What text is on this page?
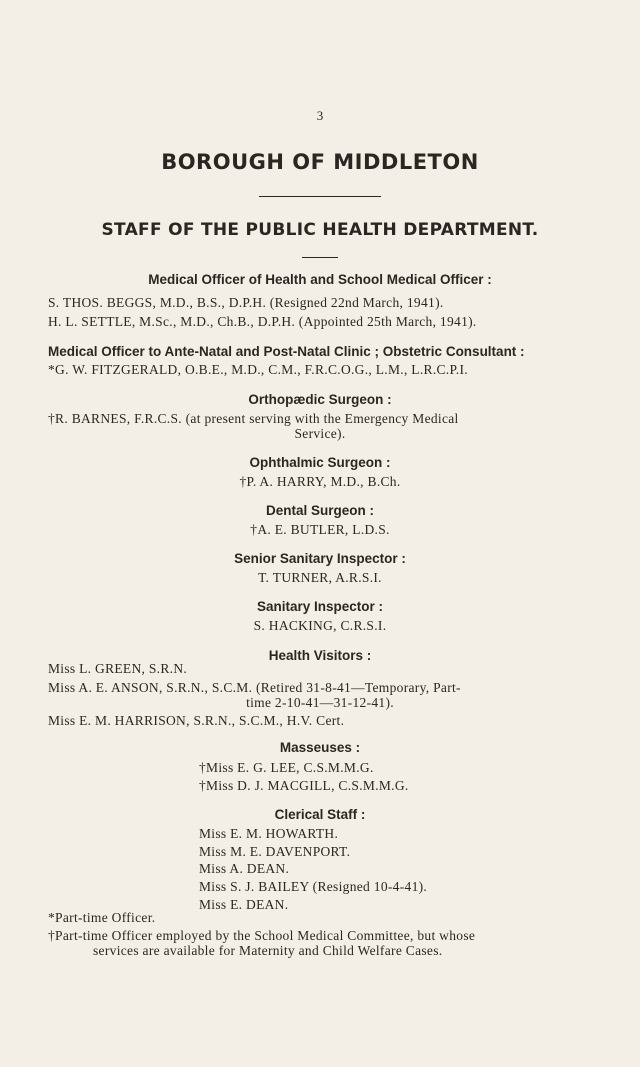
3
BOROUGH OF MIDDLETON
STAFF OF THE PUBLIC HEALTH DEPARTMENT.
Medical Officer of Health and School Medical Officer :
S. THOS. BEGGS, M.D., B.S., D.P.H. (Resigned 22nd March, 1941).
H. L. SETTLE, M.Sc., M.D., Ch.B., D.P.H. (Appointed 25th March, 1941).
Medical Officer to Ante-Natal and Post-Natal Clinic ; Obstetric Consultant :
*G. W. FITZGERALD, O.B.E., M.D., C.M., F.R.C.O.G., L.M., L.R.C.P.I.
Orthopædic Surgeon :
†R. BARNES, F.R.C.S. (at present serving with the Emergency Medical
Service).
Ophthalmic Surgeon :
†P. A. HARRY, M.D., B.Ch.
Dental Surgeon :
†A. E. BUTLER, L.D.S.
Senior Sanitary Inspector :
T. TURNER, A.R.S.I.
Sanitary Inspector :
S. HACKING, C.R.S.I.
Health Visitors :
Miss L. GREEN, S.R.N.
Miss A. E. ANSON, S.R.N., S.C.M. (Retired 31-8-41—Temporary, Part-
time 2-10-41—31-12-41).
Miss E. M. HARRISON, S.R.N., S.C.M., H.V. Cert.
Masseuses :
†Miss E. G. LEE, C.S.M.M.G.
†Miss D. J. MACGILL, C.S.M.M.G.
Clerical Staff :
Miss E. M. HOWARTH.
Miss M. E. DAVENPORT.
Miss A. DEAN.
Miss S. J. BAILEY (Resigned 10-4-41).
Miss E. DEAN.
*Part-time Officer.
†Part-time Officer employed by the School Medical Committee, but whose
services are available for Maternity and Child Welfare Cases.
